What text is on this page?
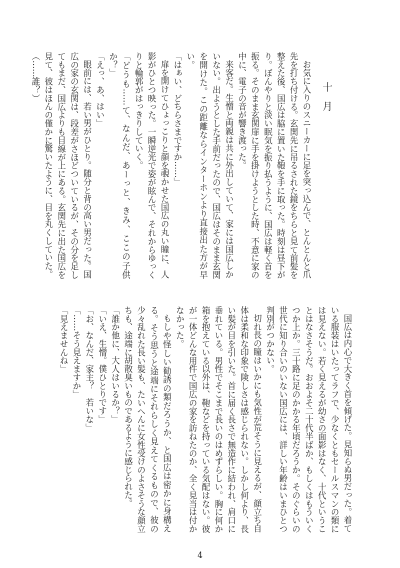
十月

お気に入りのスニーカーに足を突っ込んで、とんとんと爪先を打ち付ける。玄関先に吊るされた鏡をちらと見て前髪を整えた後、国広は脇に置いた鞄を手に取った。時刻は昼下がり。ぼんやりと淡い眠気を振り払うように、国広は軽く首を振る。そのまま玄関扉に手を掛けようとした時、不意に家の中に、電子の音が響き渡った。

来客だ。生憎と両親は共に外出していて、家には国広しかいない。出ようとした手前だったので、国広はそのまま玄関を開けた。この距離ならインターホンより直接出た方が早い。

「はぁい、どちらさまですか……」

扉を開けてひょっこりと顔を覗かせた国広の丸い瞳に、人影がひとつ映った。一瞬逆光で姿が眩んで、それからゆっくりと輪郭がはっきりしていく。

「どうも……て、なんだ、あーっと、きみ、ここの子供か？」

「えっ、あ、はい」

眼前には、若い男がひとり。随分と背の高い男だった。国広の家の玄関は、段差がさほどついているが、その分を足してもまだ、国広よりも目線が上にある。玄関先に出た国広を見て、彼はほんの僅かに驚いたように、目を丸くしていた。

（……誰？）

国広は内心で大きく首を傾げた。見知らぬ男だった。着ている服装はいたってラフで、少なくともセールスマンの類には見えない。若く見えるが幼さの面影はなく、十代ということはなさそうだ。おおよそ二十代半ばか、もしくはもういくつか上か。三十路に足のかかる年頃だろうか。そのぐらいの世代に知り合いのいない国広には、詳しい年齢はいまひとつ判別がつかない。

切れ長の瞳はいかにも気性が荒そうに見えるが、顔立ち自体は柔和な印象で険しさは感じられない。しかし何より、長い髪が目を引いた。首に届く長さで無造作に結われ、肩口に垂れている。男性でそこまで長いのはめずらしい。胸に何か箱を抱えている以外は、鞄などを持っている気配はない。彼が一体どんな用件で国広の家を訪ねたのか、全く見当は付かなかった。

もしや怪しい勧誘の類だろうか、と国広は密かに身構える。そう思うと途端にそれらしく見えてくるもので、彼の少々乱れた長い髪も、たいへんに女性受けのよさそうな顔立ちも、途端に胡散臭いものであるように感じられた。

「誰か他に、大人はいるか？」

「いえ、生憎。僕ひとりです」

「お、なんだ、家主？　若いな」

「……そう見えますか」

「見えませんね」

4
